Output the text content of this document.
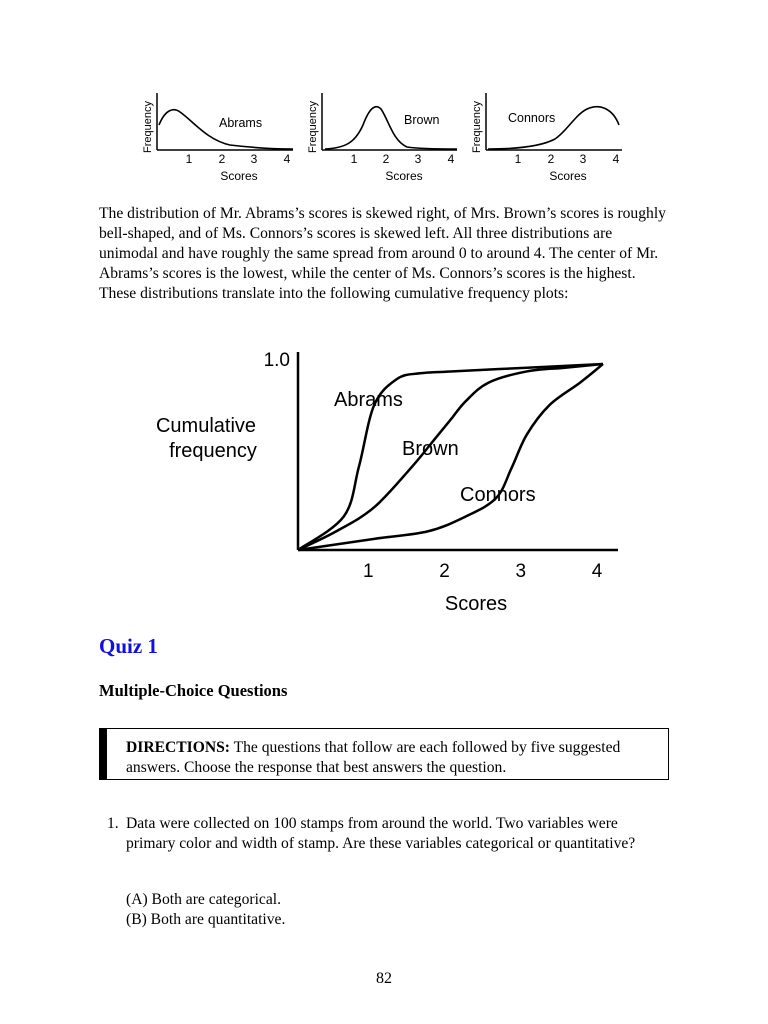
Frequency	Abrams
1 2 3 4
Scores
Frequency	Brown
1 2 3 4
Scores
Frequency Connors
1 2 3 4
Scores

The distribution of Mr. Abrams’s scores is skewed right, of Mrs. Brown’s scores is roughly bell-shaped, and of Ms. Connors’s scores is skewed left. All three distributions are unimodal and have roughly the same spread from around 0 to around 4. The center of Mr. Abrams’s scores is the lowest, while the center of Ms. Connors’s scores is the highest. These distributions translate into the following cumulative frequency plots:

Cumulative
frequency
1.0
1	2	3	4
Scores
Abrams
Brown
Connors
Quiz 1
Multiple-Choice Questions

DIRECTIONS: The questions that follow are each followed by five suggested answers. Choose the response that best answers the question.

1. Data were collected on 100 stamps from around the world. Two variables were primary color and width of stamp. Are these variables categorical or quantitative?

(A) Both are categorical.
(B) Both are quantitative.
82
